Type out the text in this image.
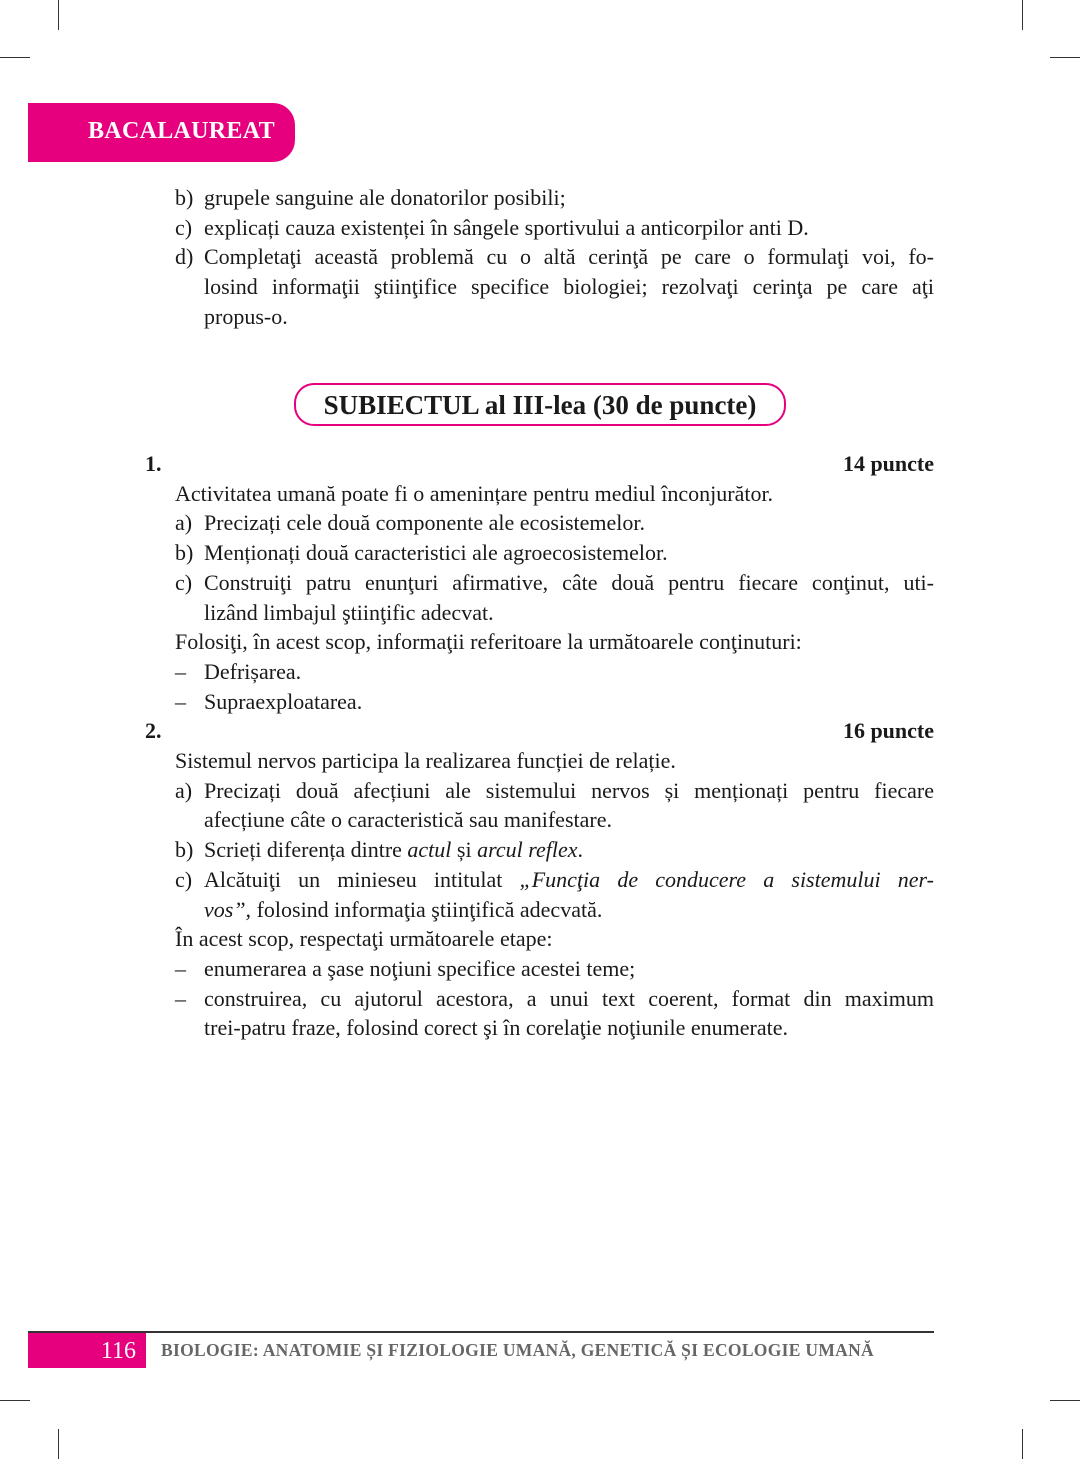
BACALAUREAT
b) grupele sanguine ale donatorilor posibili;
c) explicați cauza existenței în sângele sportivului a anticorpilor anti D.
d) Completaţi această problemă cu o altă cerinţă pe care o formulaţi voi, fo-
losind informaţii ştiinţifice specifice biologiei; rezolvaţi cerinţa pe care aţi
propus-o.
SUBIECTUL al III-lea (30 de puncte)
1.	14 puncte

Activitatea umană poate fi o amenințare pentru mediul înconjurător.
a) Precizați cele două componente ale ecosistemelor.
b) Menționați două caracteristici ale agroecosistemelor.
c) Construiţi patru enunţuri afirmative, câte două pentru fiecare conţinut, uti-
lizând limbajul ştiinţific adecvat.
Folosiţi, în acest scop, informaţii referitoare la următoarele conţinuturi:
– Defrișarea.
– Supraexploatarea.
2.	16 puncte

Sistemul nervos participa la realizarea funcției de relație.
a) Precizați două afecțiuni ale sistemului nervos și menționați pentru fiecare
afecțiune câte o caracteristică sau manifestare.
b) Scrieți diferența dintre actul și arcul reflex.
c) Alcătuiţi un minieseu intitulat „Funcţia de conducere a sistemului ner-
vos”, folosind informaţia ştiinţifică adecvată.
În acest scop, respectaţi următoarele etape:
– enumerarea a şase noţiuni specifice acestei teme;
– construirea, cu ajutorul acestora, a unui text coerent, format din maximum
trei-patru fraze, folosind corect şi în corelaţie noţiunile enumerate.
116	BIOLOGIE: ANATOMIE ȘI FIZIOLOGIE UMANĂ, GENETICĂ ȘI ECOLOGIE UMANĂ
